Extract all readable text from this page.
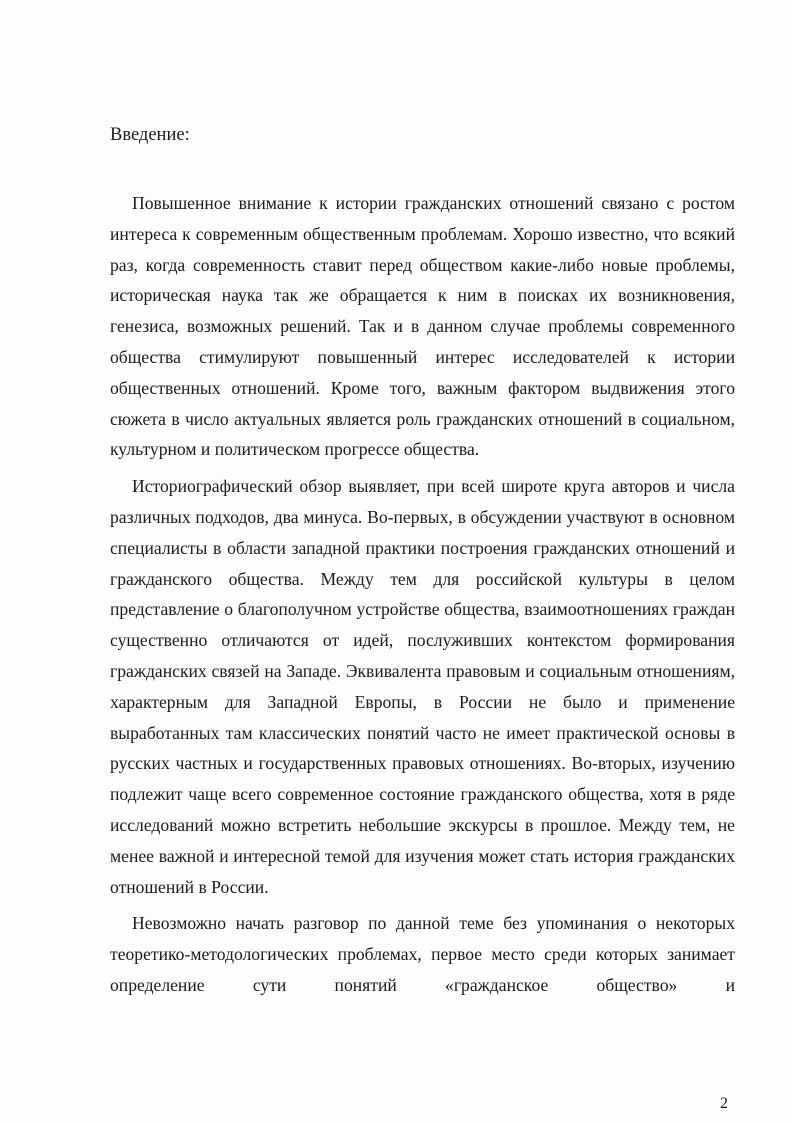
Введение:

Повышенное внимание к истории гражданских отношений связано с ростом интереса к современным общественным проблемам. Хорошо известно, что всякий раз, когда современность ставит перед обществом какие-либо новые проблемы, историческая наука так же обращается к ним в поисках их возникновения, генезиса, возможных решений. Так и в данном случае проблемы современного общества стимулируют повышенный интерес исследователей к истории общественных отношений. Кроме того, важным фактором выдвижения этого сюжета в число актуальных является роль гражданских отношений в социальном, культурном и политическом прогрессе общества.

Историографический обзор выявляет, при всей широте круга авторов и числа различных подходов, два минуса. Во-первых, в обсуждении участвуют в основном специалисты в области западной практики построения гражданских отношений и гражданского общества. Между тем для российской культуры в целом представление о благополучном устройстве общества, взаимоотношениях граждан существенно отличаются от идей, послуживших контекстом формирования гражданских связей на Западе. Эквивалента правовым и социальным отношениям, характерным для Западной Европы, в России не было и применение выработанных там классических понятий часто не имеет практической основы в русских частных и государственных правовых отношениях. Во-вторых, изучению подлежит чаще всего современное состояние гражданского общества, хотя в ряде исследований можно встретить небольшие экскурсы в прошлое. Между тем, не менее важной и интересной темой для изучения может стать история гражданских отношений в России.

Невозможно начать разговор по данной теме без упоминания о некоторых теоретико-методологических проблемах, первое место среди которых занимает определение сути понятий «гражданское общество» и

2
